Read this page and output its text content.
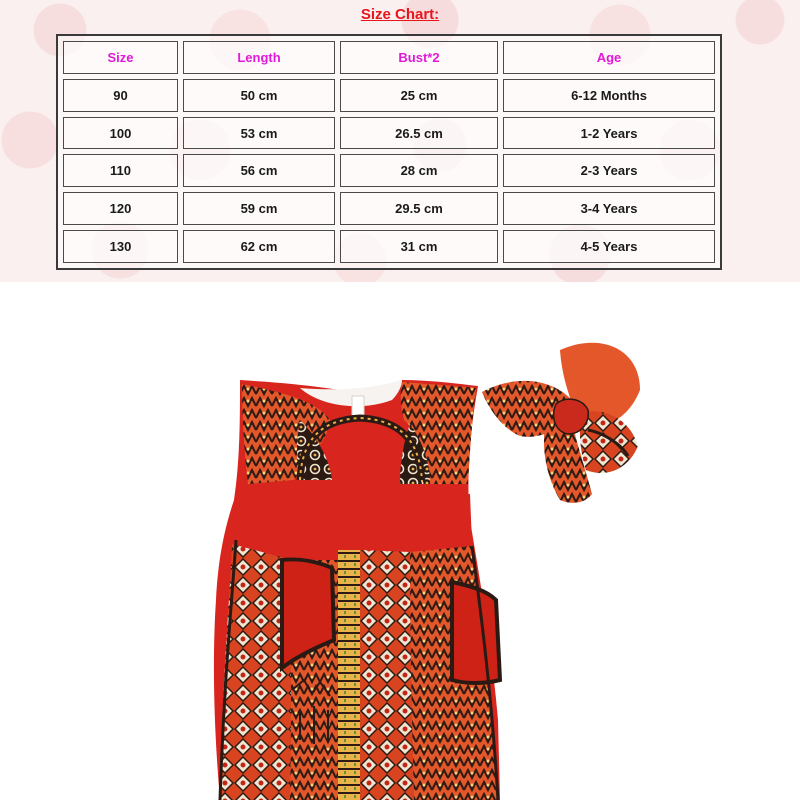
Size Chart:
Size	Length	Bust*2	Age
90	50 cm	25 cm	6-12 Months
100	53 cm	26.5 cm	1-2 Years
110	56 cm	28 cm	2-3 Years
120	59 cm	29.5 cm	3-4 Years
130	62 cm	31 cm	4-5 Years
